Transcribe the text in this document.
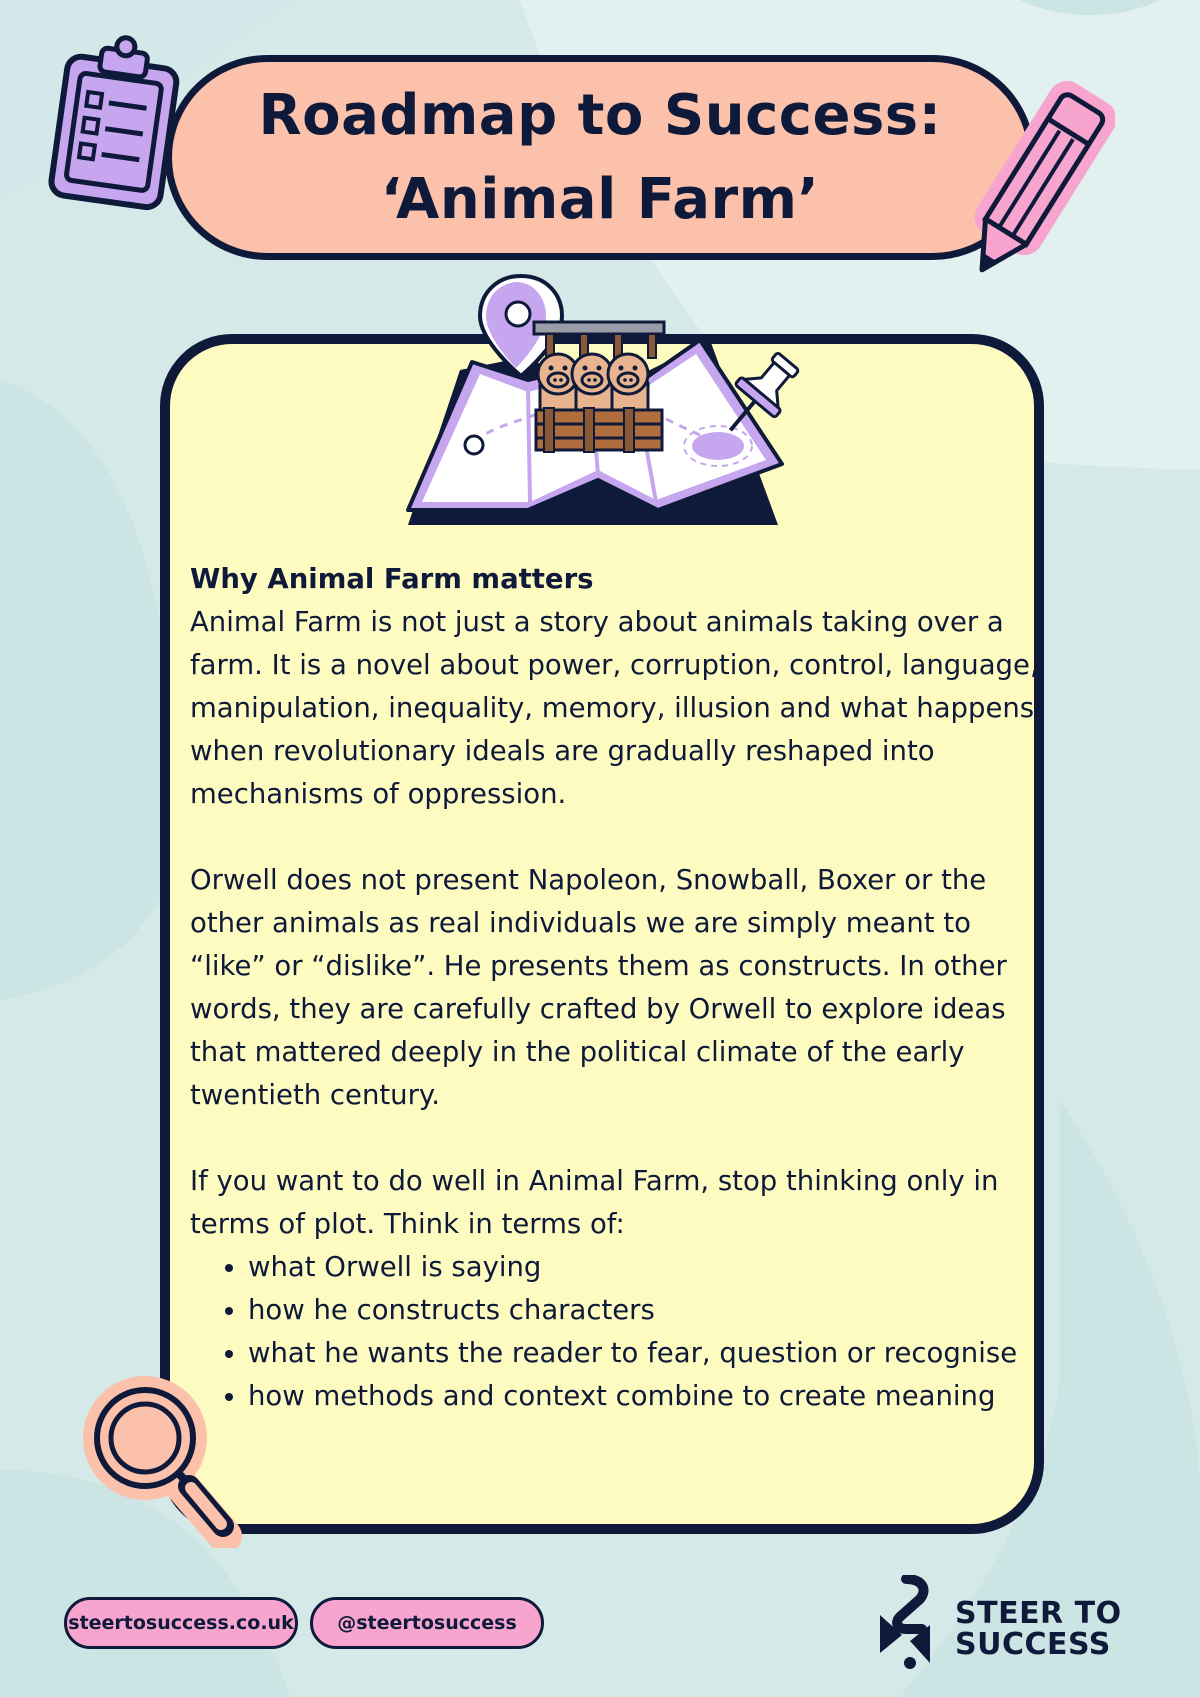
Roadmap to Success:
‘Animal Farm’
Why Animal Farm matters

Animal Farm is not just a story about animals taking over a farm. It is a novel about power, corruption, control, language, manipulation, inequality, memory, illusion and what happens when revolutionary ideals are gradually reshaped into mechanisms of oppression.

Orwell does not present Napoleon, Snowball, Boxer or the other animals as real individuals we are simply meant to “like” or “dislike”. He presents them as constructs. In other words, they are carefully crafted by Orwell to explore ideas that mattered deeply in the political climate of the early twentieth century.

If you want to do well in Animal Farm, stop thinking only in terms of plot. Think in terms of:

• what Orwell is saying
• how he constructs characters
• what he wants the reader to fear, question or recognise
• how methods and context combine to create meaning
steertosuccess.co.uk	@steertosuccess	STEER TO
SUCCESS
